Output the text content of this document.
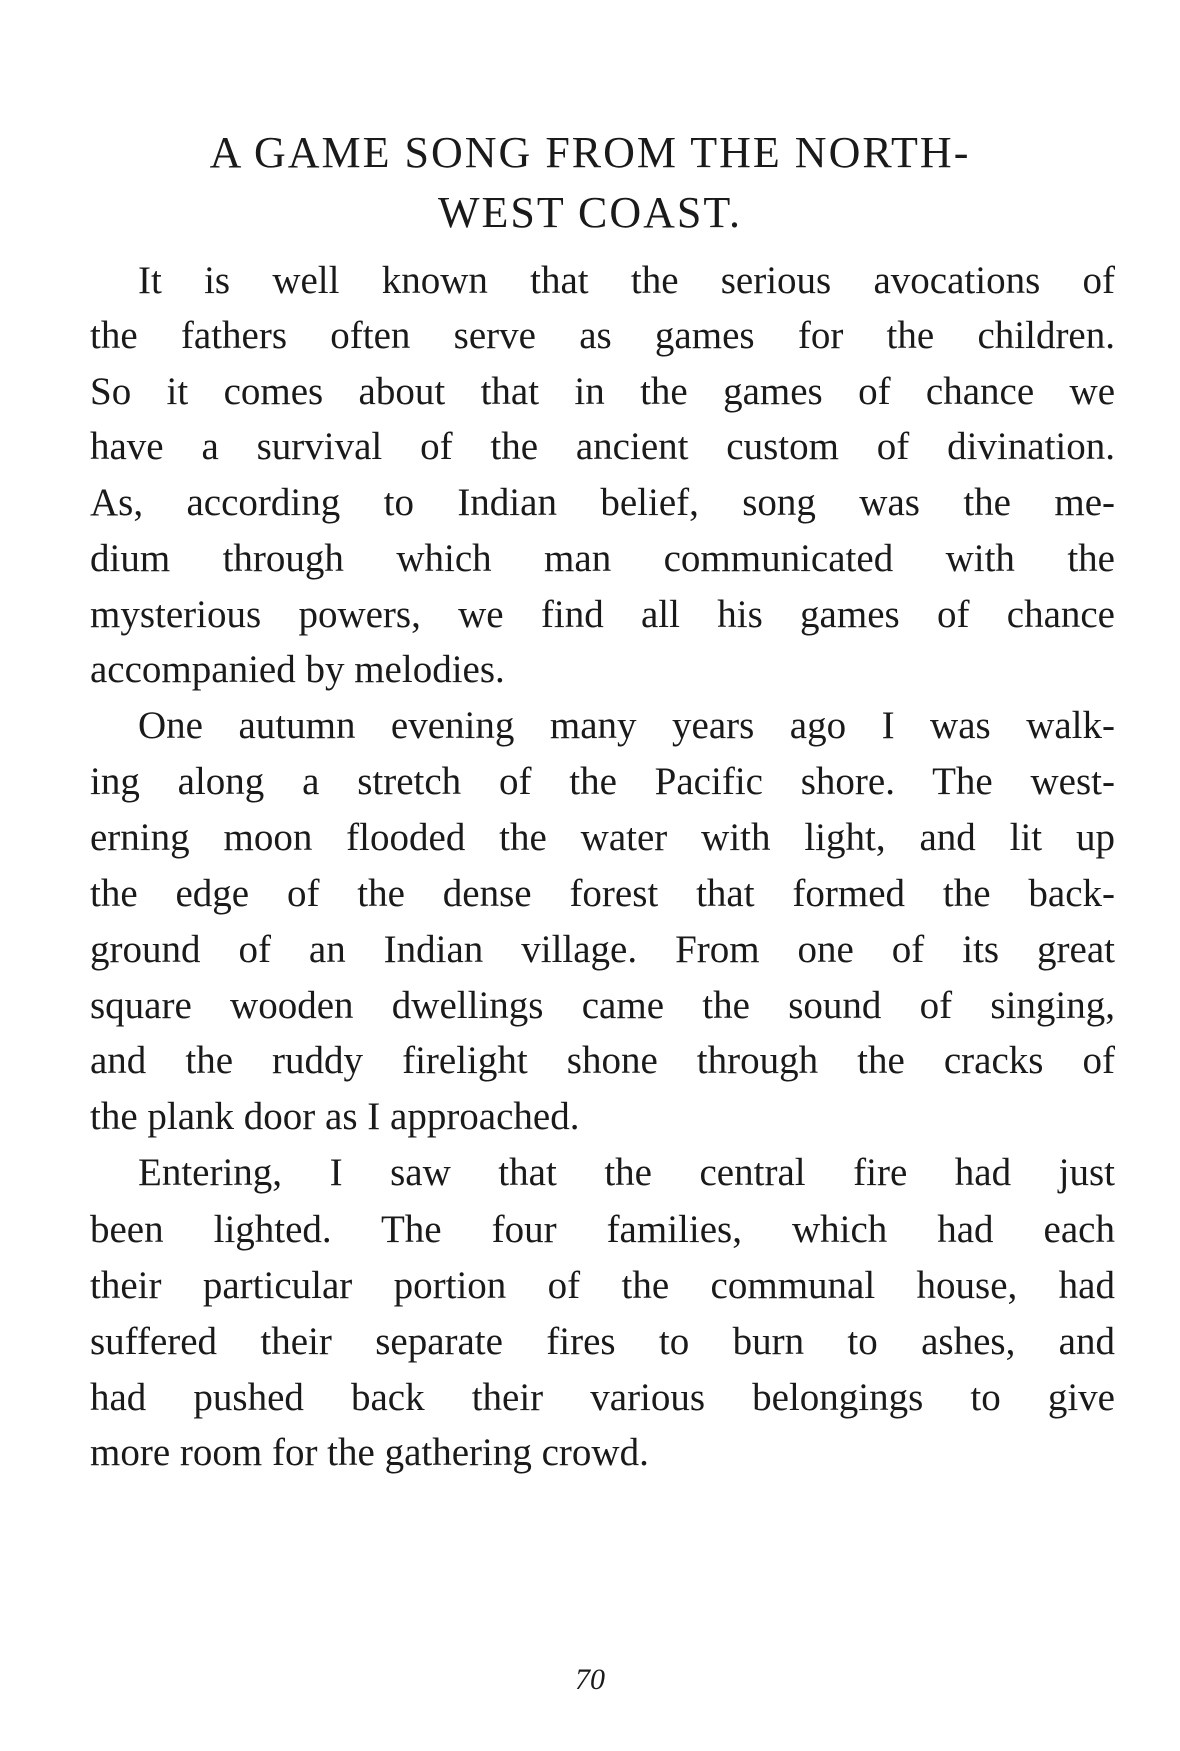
A GAME SONG FROM THE NORTH-
WEST COAST.
It is well known that the serious avocations of
the fathers often serve as games for the children.
So it comes about that in the games of chance we
have a survival of the ancient custom of divination.
As, according to Indian belief, song was the me-
dium through which man communicated with the
mysterious powers, we find all his games of chance
accompanied by melodies.
One autumn evening many years ago I was walk-
ing along a stretch of the Pacific shore. The west-
erning moon flooded the water with light, and lit up
the edge of the dense forest that formed the back-
ground of an Indian village. From one of its great
square wooden dwellings came the sound of singing,
and the ruddy firelight shone through the cracks of
the plank door as I approached.
Entering, I saw that the central fire had just
been lighted. The four families, which had each
their particular portion of the communal house, had
suffered their separate fires to burn to ashes, and
had pushed back their various belongings to give
more room for the gathering crowd.
70
